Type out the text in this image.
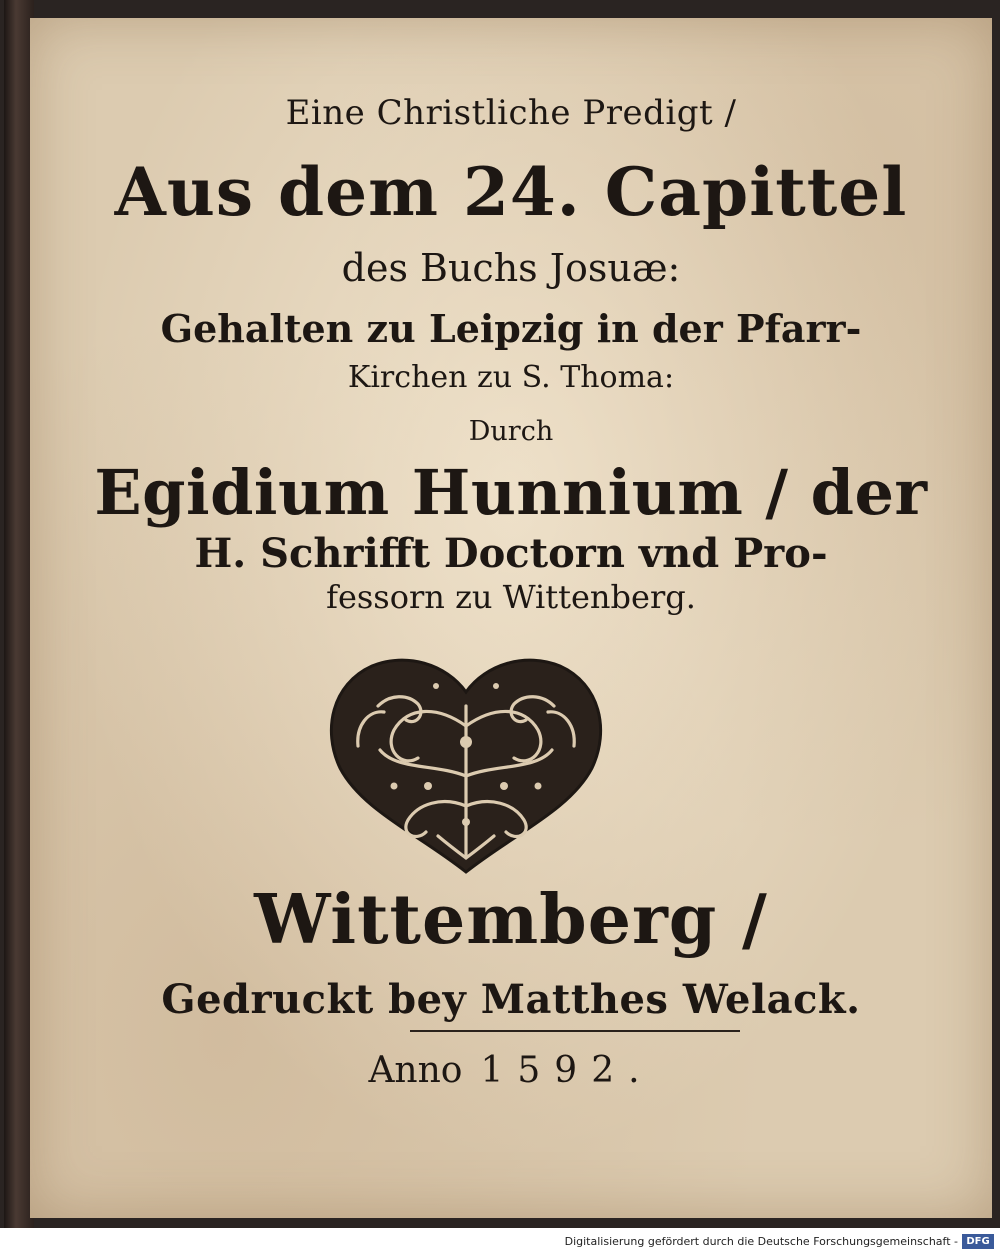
Eine Christliche Predigt /
Aus dem 24. Capittel
des Buchs Josuæ:
Gehalten zu Leipzig in der Pfarr-
Kirchen zu S. Thoma:
Durch
Egidium Hunnium / der
H. Schrifft Doctorn vnd Pro-
fessorn zu Wittenberg.
Wittemberg /
Gedruckt bey Matthes Welack.
Anno 1592.
Digitalisierung gefördert durch die Deutsche Forschungsgemeinschaft - DFG
